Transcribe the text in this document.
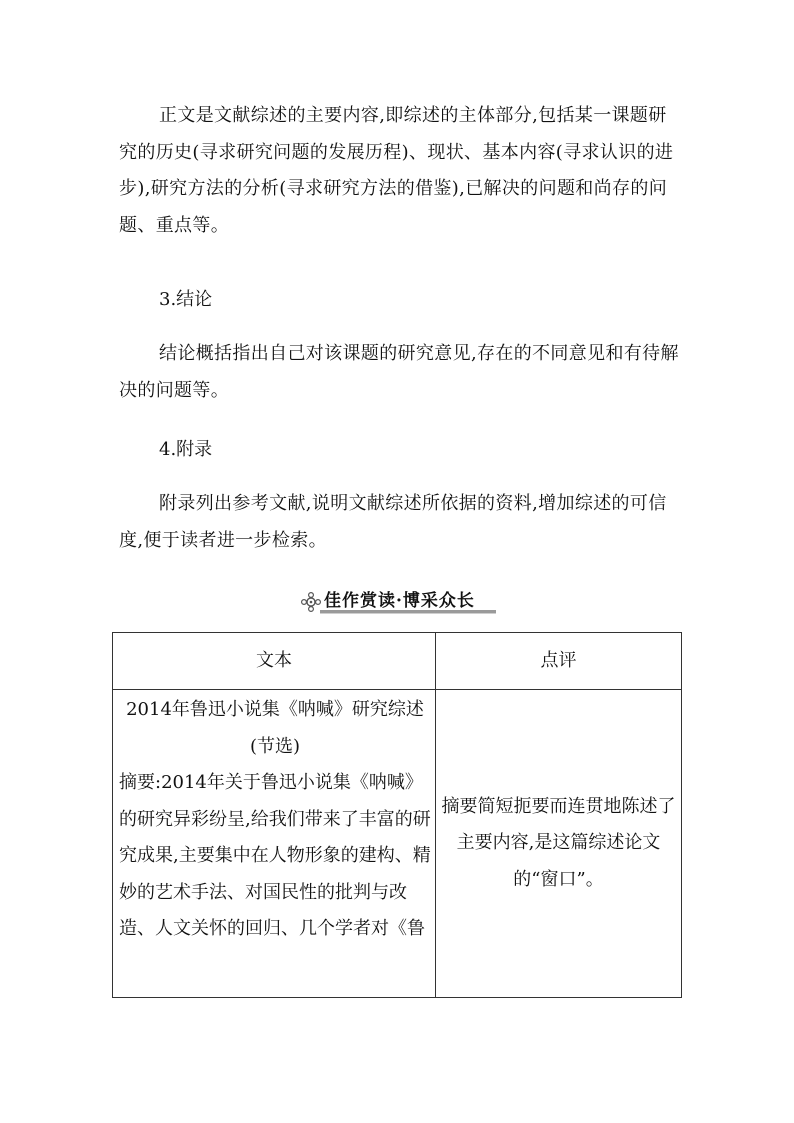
正文是文献综述的主要内容,即综述的主体部分,包括某一课题研究的历史(寻求研究问题的发展历程)、现状、基本内容(寻求认识的进步),研究方法的分析(寻求研究方法的借鉴),已解决的问题和尚存的问题、重点等。

3.结论

结论概括指出自己对该课题的研究意见,存在的不同意见和有待解决的问题等。

4.附录

附录列出参考文献,说明文献综述所依据的资料,增加综述的可信度,便于读者进一步检索。

佳作赏读·博采众长
文本	点评

2014年鲁迅小说集《呐喊》研究综述(节选)

摘要:2014年关于鲁迅小说集《呐喊》的研究异彩纷呈,给我们带来了丰富的研究成果,主要集中在人物形象的建构、精妙的艺术手法、对国民性的批判与改造、人文关怀的回归、几个学者对《鲁	摘要简短扼要而连贯地陈述了主要内容,是这篇综述论文的“窗口”。
